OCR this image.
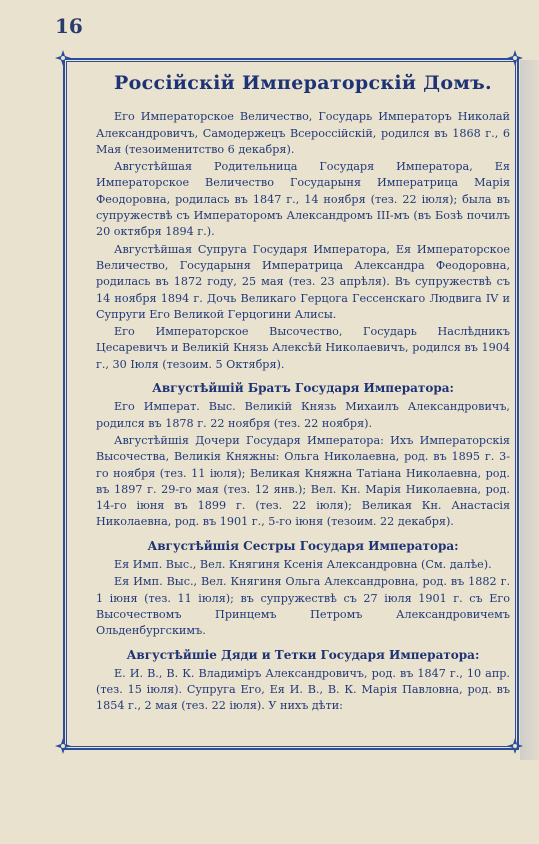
16
Россiйскiй Императорскiй Домъ.

Его Императорское Величество, Государь Императоръ Николай Александровичъ, Самодержецъ Всероссiйскiй, родился въ 1868 г., 6 Мая (тезоименитство 6 декабря).

Августѣйшая Родительница Государя Императора, Ея Императорское Величество Государыня Императрица Марiя Феодоровна, родилась въ 1847 г., 14 ноября (тез. 22 iюля); была въ супружествѣ съ Императоромъ Александромъ III-мъ (въ Бозѣ почилъ 20 октября 1894 г.).

Августѣйшая Супруга Государя Императора, Ея Императорское Величество, Государыня Императрица Александра Феодоровна, родилась въ 1872 году, 25 мая (тез. 23 апрѣля). Въ супружествѣ съ 14 ноября 1894 г. Дочь Великаго Герцога Гессенскаго Людвига IV и Супруги Его Великой Герцогини Алисы.

Его Императорское Высочество, Государь Наслѣдникъ Цесаревичъ и Великiй Князь Алексѣй Николаевичъ, родился въ 1904 г., 30 Iюля (тезоим. 5 Октября).

Августѣйшiй Братъ Государя Императора:

Его Императ. Выс. Великiй Князь Михаилъ Александровичъ, родился въ 1878 г. 22 ноября (тез. 22 ноября).

Августѣйшiя Дочери Государя Императора: Ихъ Императорскiя Высочества, Великiя Княжны: Ольга Николаевна, род. въ 1895 г. 3-го ноября (тез. 11 iюля); Великая Княжна Татiана Николаевна, род. въ 1897 г. 29-го мая (тез. 12 янв.); Вел. Кн. Марiя Николаевна, род. 14-го iюня въ 1899 г. (тез. 22 iюля); Великая Кн. Анастасiя Николаевна, род. въ 1901 г., 5-го iюня (тезоим. 22 декабря).

Августѣйшiя Сестры Государя Императора:

Ея Имп. Выс., Вел. Княгиня Ксенiя Александровна (См. далѣе).

Ея Имп. Выс., Вел. Княгиня Ольга Александровна, род. въ 1882 г. 1 iюня (тез. 11 iюля); въ супружествѣ съ 27 iюля 1901 г. съ Его Высочествомъ Принцемъ Петромъ Александровичемъ Ольденбургскимъ.

Августѣйшiе Дяди и Тетки Государя Императора:

Е. И. В., В. К. Владимiръ Александровичъ, род. въ 1847 г., 10 апр. (тез. 15 iюля). Супруга Его, Ея И. В., В. К. Марiя Павловна, род. въ 1854 г., 2 мая (тез. 22 iюля). У нихъ дѣти:
